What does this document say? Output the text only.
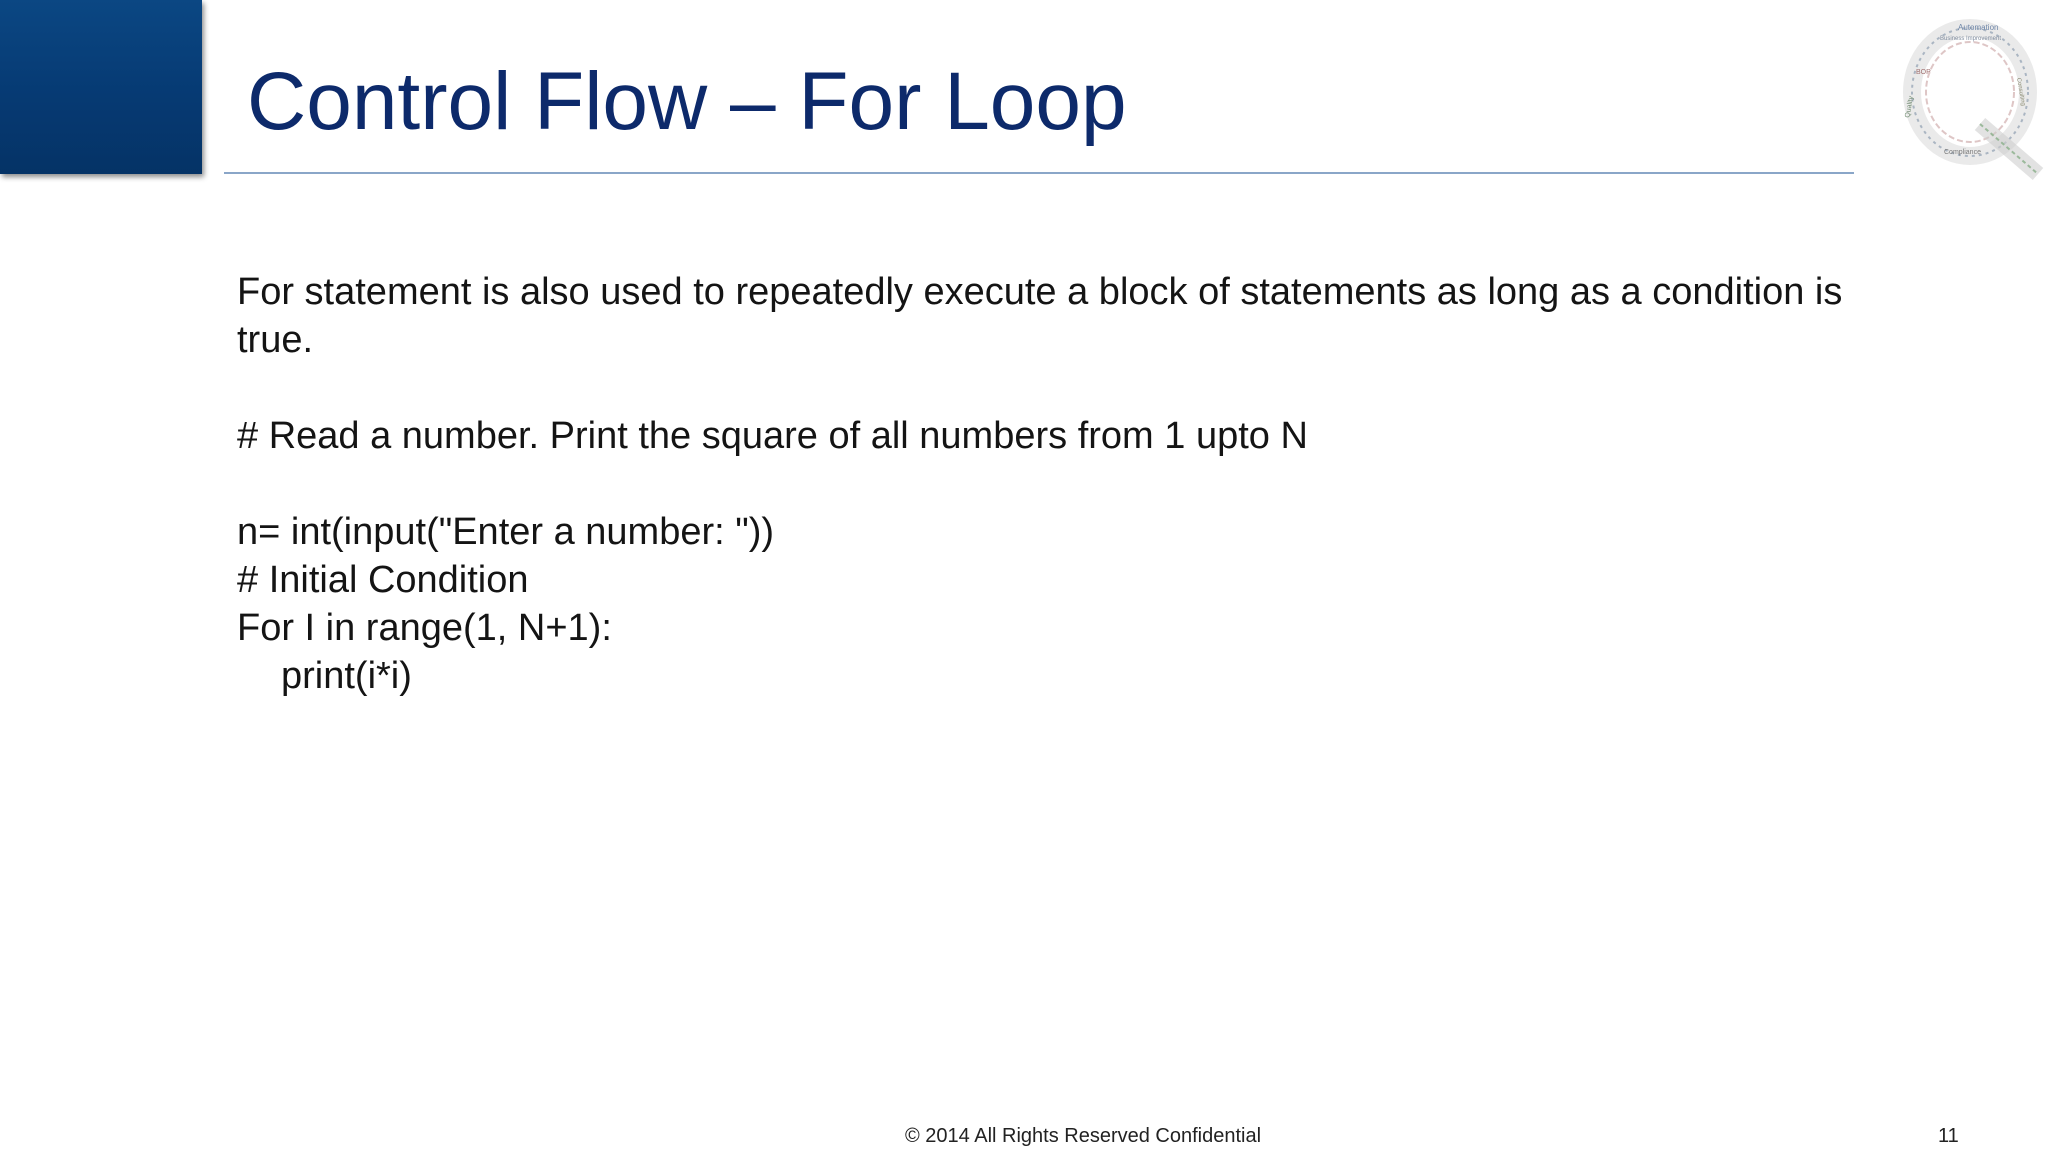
Control Flow – For Loop
Automation
Business Improvement
Compliance
BOP
Quality
Consulting

For statement is also used to repeatedly execute a block of statements as long as a condition is

true.

# Read a number. Print the square of all numbers from 1 upto N

n= int(input("Enter a number: "))

# Initial Condition

For I in range(1, N+1):

print(i*i)

© 2014 All Rights Reserved Confidential	11
